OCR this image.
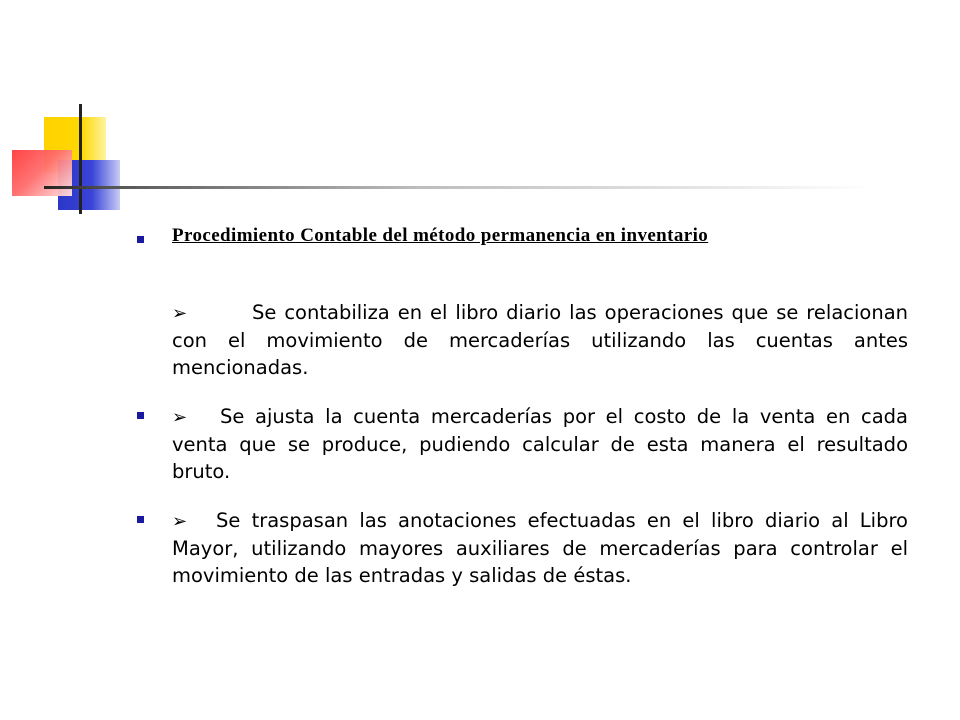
Procedimiento Contable del método permanencia en inventario
➢	Se contabiliza en el libro diario las operaciones que se relacionan con el movimiento de mercaderías utilizando las cuentas antes mencionadas.
➢ Se ajusta la cuenta mercaderías por el costo de la venta en cada venta que se produce, pudiendo calcular de esta manera el resultado bruto.
➢ Se traspasan las anotaciones efectuadas en el libro diario al Libro Mayor, utilizando mayores auxiliares de mercaderías para controlar el movimiento de las entradas y salidas de éstas.
